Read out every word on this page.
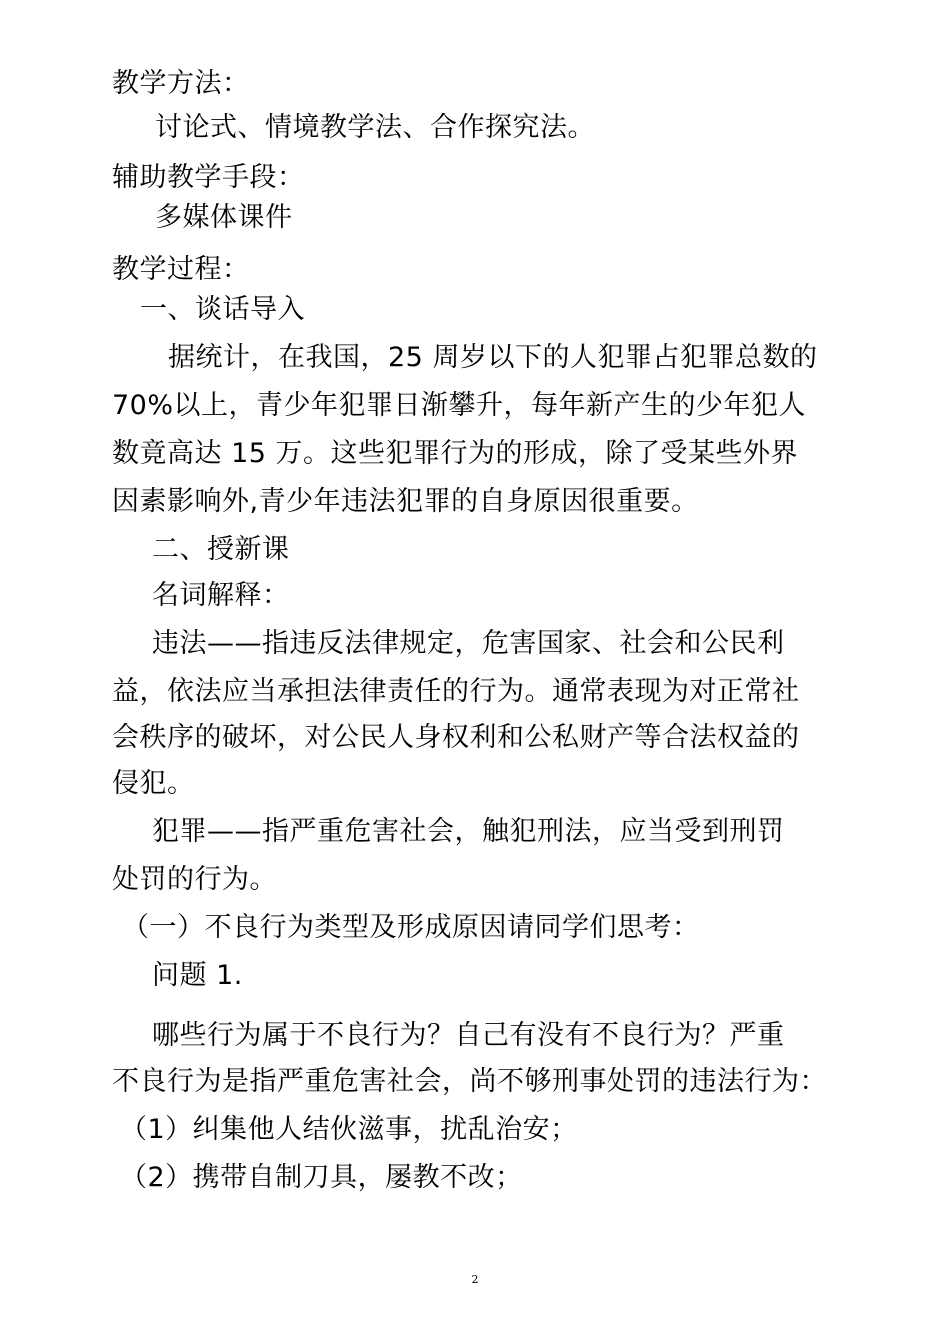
教学方法：
讨论式、情境教学法、合作探究法。
辅助教学手段：
多媒体课件
教学过程：
一、谈话导入
据统计，在我国，25 周岁以下的人犯罪占犯罪总数的
70%以上，青少年犯罪日渐攀升，每年新产生的少年犯人
数竟高达 15 万。这些犯罪行为的形成，除了受某些外界
因素影响外,青少年违法犯罪的自身原因很重要。
二、授新课
名词解释：
违法——指违反法律规定，危害国家、社会和公民利
益，依法应当承担法律责任的行为。通常表现为对正常社
会秩序的破坏，对公民人身权利和公私财产等合法权益的
侵犯。
犯罪——指严重危害社会，触犯刑法，应当受到刑罚
处罚的行为。
（一）不良行为类型及形成原因请同学们思考：
问题 1.
哪些行为属于不良行为？自己有没有不良行为？严重
不良行为是指严重危害社会，尚不够刑事处罚的违法行为：
（1）纠集他人结伙滋事，扰乱治安；
（2）携带自制刀具，屡教不改；
2
